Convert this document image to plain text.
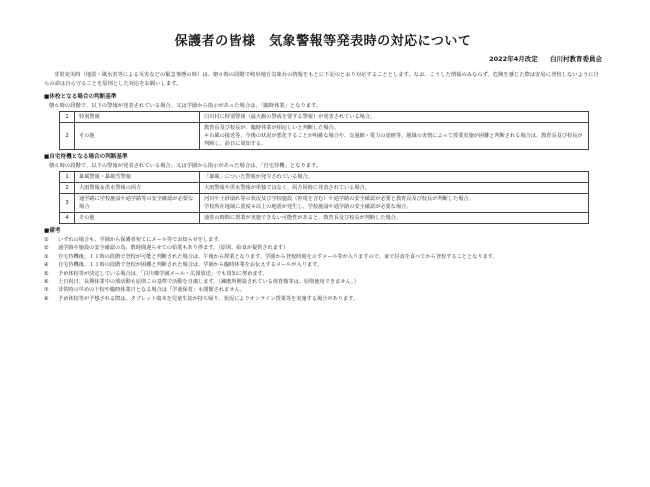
保護者の皆様　気象警報等発表時の対応について
2022年4月改定 白川村教育委員会
非常変災時（地震・風水害等による災害などの緊急事態の時）は、朝６時の段階で岐阜地方気象台の情報をもとに下記のとおり対応することとします。なお、こうした情報のみならず、危険を感じた際は安易に登校しないように自らの命は自ら守ることを原則とした対応をお願いします。
■休校となる場合の判断基準
朝６時の段階で、以下の警報が発表されている場合、又は学園から指示があった場合は、「臨時休業」となります。
1	特別警報	白川村に特別警報（最大級の警戒を要する警報）が発表されている場合。
2	その他	教育長及び校長が、臨時休業が相応しいと判断した場合。
＊台風の接近等、今後の状況が悪化することが明確な場合や、交通網・電力の途絶等、地域の実情によって授業実施が困難と判断される場合は、教育長及び校長が判断し、前日に周知する。
■自宅待機となる場合の判断基準
朝６時の段階で、以下の警報が発表されている場合、又は学園から指示があった場合は、「自宅待機」となります。
1	暴風警報・暴風雪警報	「暴風」についた警報が発令されている場合。
2	大雨警報＆洪水警報の両方	大雨警報や洪水警報が単独ではなく、両方同時に発表されている場合。
3	通学路に学校施設や通学路等の安全確認が必要な場合	河川や土砂崩れ等の状況及び学校施設（停電を含む）や通学路の安全確認が必要と教育長及び校長が判断した場合。
学校所在地域に震度４以上の地震が発生し、学校施設や通学路の安全確認が必要な場合。
4	その他	通常の時間に授業が実施できない可能性があると、教育長及び校長が判断した場合。
■備考
①	いずれの場合も、学園から保護者宛てにメール等でお知らせをします。
②	通学路や施設の安全確認の為、数時間遅らせての始業もあり得ます。（原則、給食が提供されます）
③	自宅待機後、１１時の段階で登校が可能と判断された場合は、午後から授業となります。学園から登校時刻を示すメール等が入りますので、家で昼食を食べてから登校することとなります。
④	自宅待機後、１１時の段階で登校が困難と判断された場合は、学園から臨時休業をお伝えするメールが入ります。
⑤	予め休校等が決定している場合は、「白川郷学園メール・広報放送」でも周知に努めます。
⑥	土日祝日、長期休業中の部活動も原則この基準で活動を自粛します。（錬磨所開設されている体育館等は、原則使用できません。）
⑦	非常時の早めの下校や臨時休業日となる場合は「学童保育」も閉館されません。
⑧	予め休校等が予想される際は、タブレット端末を児童生徒が持ち帰り、状況によりオンライン授業等を実施する場合があります。
